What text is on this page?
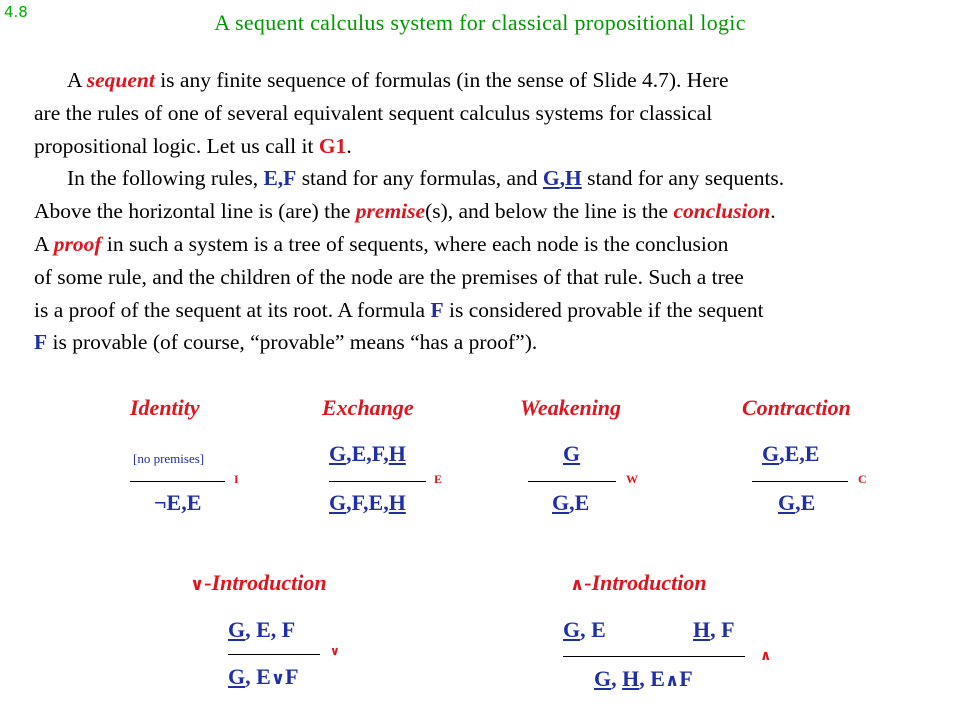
4.8	A sequent calculus system for classical propositional logic
A sequent is any finite sequence of formulas (in the sense of Slide 4.7). Here
are the rules of one of several equivalent sequent calculus systems for classical
propositional logic. Let us call it G1.
In the following rules, E,F stand for any formulas, and G,H stand for any sequents.
Above the horizontal line is (are) the premise(s), and below the line is the conclusion.
A proof in such a system is a tree of sequents, where each node is the conclusion
of some rule, and the children of the node are the premises of that rule. Such a tree
is a proof of the sequent at its root. A formula F is considered provable if the sequent
F is provable (of course, “provable” means “has a proof”).
Identity
[no premises]
I
¬E,E
Exchange
G,E,F,H
E
G,F,E,H
Weakening
G
W
G,E
Contraction
G,E,E
C
G,E
∨-Introduction
G, E, F
∨
G, E∨F
∧-Introduction
G, E	H, F
∧
G, H, E∧F
